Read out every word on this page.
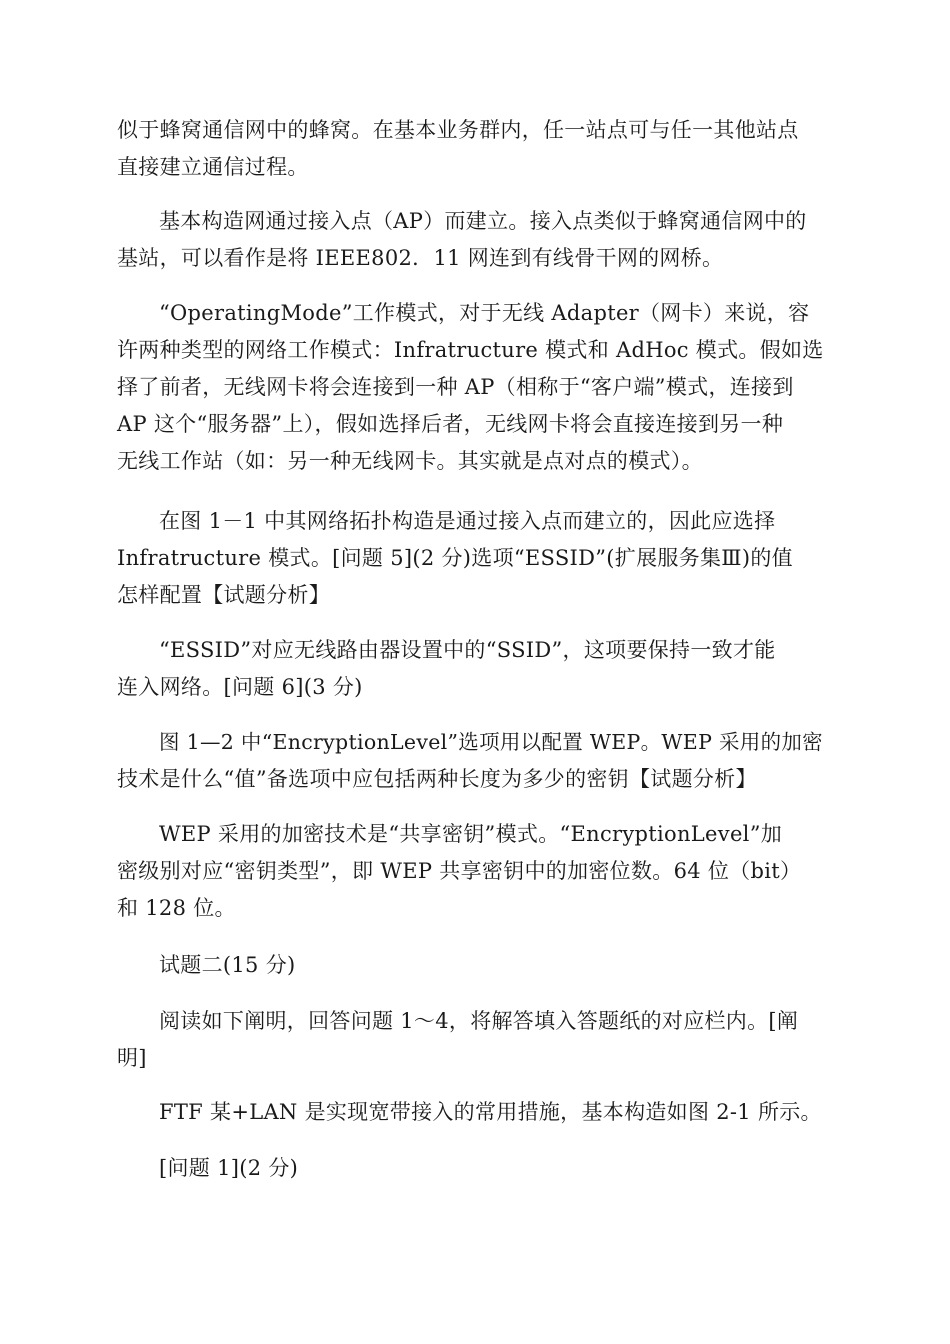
似于蜂窝通信网中的蜂窝。在基本业务群内，任一站点可与任一其他站点
直接建立通信过程。

基本构造网通过接入点（AP）而建立。接入点类似于蜂窝通信网中的
基站，可以看作是将 IEEE802．11 网连到有线骨干网的网桥。

“OperatingMode”工作模式，对于无线 Adapter（网卡）来说，容
许两种类型的网络工作模式：Infratructure 模式和 AdHoc 模式。假如选
择了前者，无线网卡将会连接到一种 AP（相称于“客户端”模式，连接到
AP 这个“服务器”上），假如选择后者，无线网卡将会直接连接到另一种
无线工作站（如：另一种无线网卡。其实就是点对点的模式）。

在图 1－1 中其网络拓扑构造是通过接入点而建立的，因此应选择
Infratructure 模式。[问题 5](2 分)选项“ESSID”(扩展服务集Ⅲ)的值
怎样配置【试题分析】

“ESSID”对应无线路由器设置中的“SSID”，这项要保持一致才能
连入网络。[问题 6](3 分)

图 1—2 中“EncryptionLevel”选项用以配置 WEP。WEP 采用的加密
技术是什么“值”备选项中应包括两种长度为多少的密钥【试题分析】

WEP 采用的加密技术是“共享密钥”模式。“EncryptionLevel”加
密级别对应“密钥类型”，即 WEP 共享密钥中的加密位数。64 位（bit）
和 128 位。

试题二(15 分)

阅读如下阐明，回答问题 1～4，将解答填入答题纸的对应栏内。[阐
明]

FTF 某+LAN 是实现宽带接入的常用措施，基本构造如图 2-1 所示。

[问题 1](2 分)
